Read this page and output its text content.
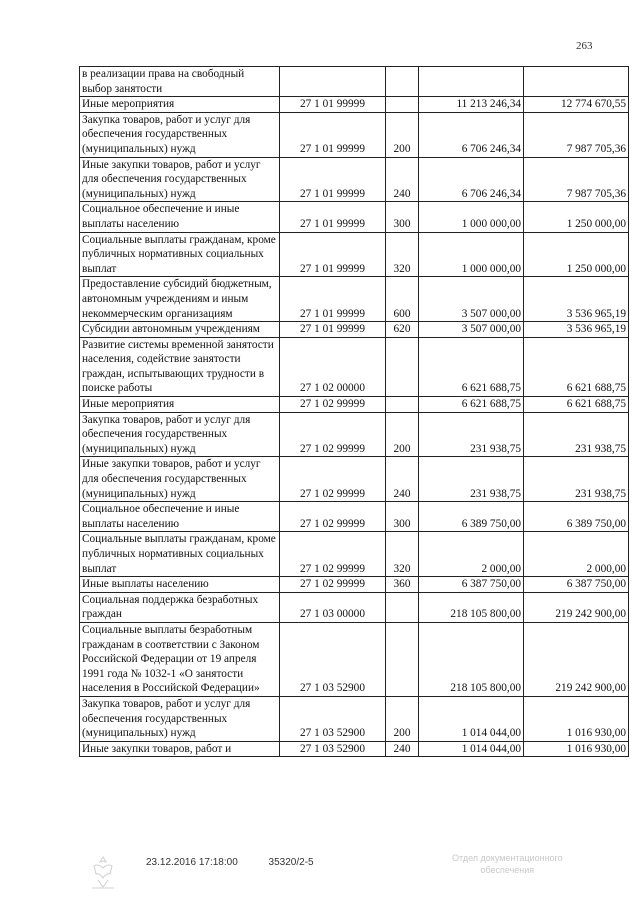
263
в реализации права на свободный выбор занятости				
Иные мероприятия	27 1 01 99999		11 213 246,34	12 774 670,55
Закупка товаров, работ и услуг для обеспечения государственных (муниципальных) нужд	27 1 01 99999	200	6 706 246,34	7 987 705,36
Иные закупки товаров, работ и услуг для обеспечения государственных (муниципальных) нужд	27 1 01 99999	240	6 706 246,34	7 987 705,36
Социальное обеспечение и иные выплаты населению	27 1 01 99999	300	1 000 000,00	1 250 000,00
Социальные выплаты гражданам, кроме публичных нормативных социальных выплат	27 1 01 99999	320	1 000 000,00	1 250 000,00
Предоставление субсидий бюджетным, автономным учреждениям и иным некоммерческим организациям	27 1 01 99999	600	3 507 000,00	3 536 965,19
Субсидии автономным учреждениям	27 1 01 99999	620	3 507 000,00	3 536 965,19
Развитие системы временной занятости населения, содействие занятости граждан, испытывающих трудности в поиске работы	27 1 02 00000		6 621 688,75	6 621 688,75
Иные мероприятия	27 1 02 99999		6 621 688,75	6 621 688,75
Закупка товаров, работ и услуг для обеспечения государственных (муниципальных) нужд	27 1 02 99999	200	231 938,75	231 938,75
Иные закупки товаров, работ и услуг для обеспечения государственных (муниципальных) нужд	27 1 02 99999	240	231 938,75	231 938,75
Социальное обеспечение и иные выплаты населению	27 1 02 99999	300	6 389 750,00	6 389 750,00
Социальные выплаты гражданам, кроме публичных нормативных социальных выплат	27 1 02 99999	320	2 000,00	2 000,00
Иные выплаты населению	27 1 02 99999	360	6 387 750,00	6 387 750,00
Социальная поддержка безработных граждан	27 1 03 00000		218 105 800,00	219 242 900,00
Социальные выплаты безработным гражданам в соответствии с Законом Российской Федерации от 19 апреля 1991 года № 1032-1 «О занятости населения в Российской Федерации»	27 1 03 52900		218 105 800,00	219 242 900,00
Закупка товаров, работ и услуг для обеспечения государственных (муниципальных) нужд	27 1 03 52900	200	1 014 044,00	1 016 930,00
Иные закупки товаров, работ и	27 1 03 52900	240	1 014 044,00	1 016 930,00
23.12.2016 17:18:00	35320/2-5	Отдел документационного
обеспечения
